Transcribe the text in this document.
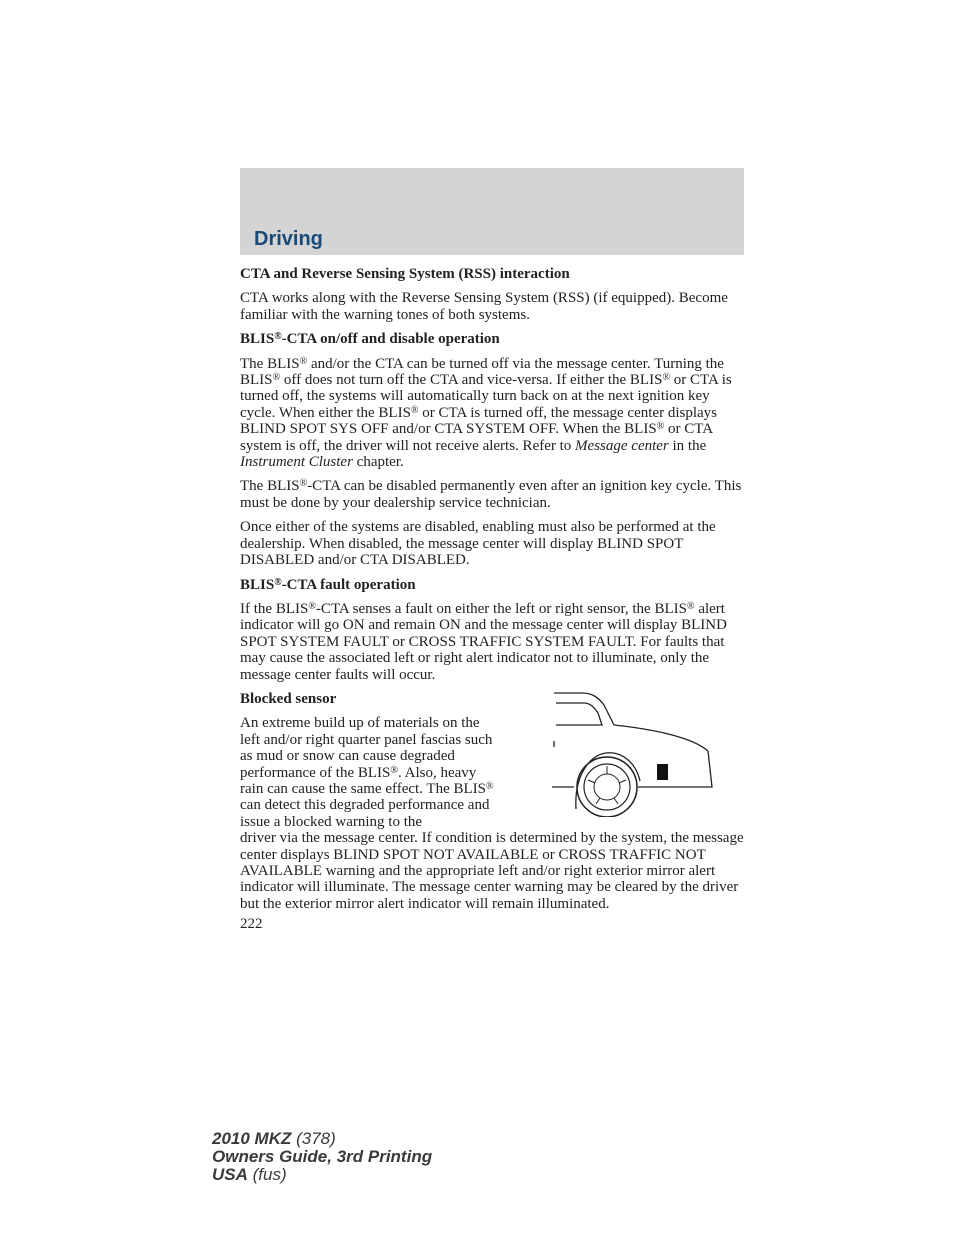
Driving

CTA and Reverse Sensing System (RSS) interaction

CTA works along with the Reverse Sensing System (RSS) (if equipped). Become familiar with the warning tones of both systems.

BLIS®-CTA on/off and disable operation

The BLIS® and/or the CTA can be turned off via the message center. Turning the BLIS® off does not turn off the CTA and vice-versa. If either the BLIS® or CTA is turned off, the systems will automatically turn back on at the next ignition key cycle. When either the BLIS® or CTA is turned off, the message center displays BLIND SPOT SYS OFF and/or CTA SYSTEM OFF. When the BLIS® or CTA system is off, the driver will not receive alerts. Refer to Message center in the Instrument Cluster chapter.

The BLIS®-CTA can be disabled permanently even after an ignition key cycle. This must be done by your dealership service technician.

Once either of the systems are disabled, enabling must also be performed at the dealership. When disabled, the message center will display BLIND SPOT DISABLED and/or CTA DISABLED.

BLIS®-CTA fault operation

If the BLIS®-CTA senses a fault on either the left or right sensor, the BLIS® alert indicator will go ON and remain ON and the message center will display BLIND SPOT SYSTEM FAULT or CROSS TRAFFIC SYSTEM FAULT. For faults that may cause the associated left or right alert indicator not to illuminate, only the message center faults will occur.

Blocked sensor

An extreme build up of materials on the left and/or right quarter panel fascias such as mud or snow can cause degraded performance of the BLIS®. Also, heavy rain can cause the same effect. The BLIS® can detect this degraded performance and issue a blocked warning to the
driver via the message center. If condition is determined by the system, the message center displays BLIND SPOT NOT AVAILABLE or CROSS TRAFFIC NOT AVAILABLE warning and the appropriate left and/or right exterior mirror alert indicator will illuminate. The message center warning may be cleared by the driver but the exterior mirror alert indicator will remain illuminated.
222
2010 MKZ (378)
Owners Guide, 3rd Printing
USA (fus)
